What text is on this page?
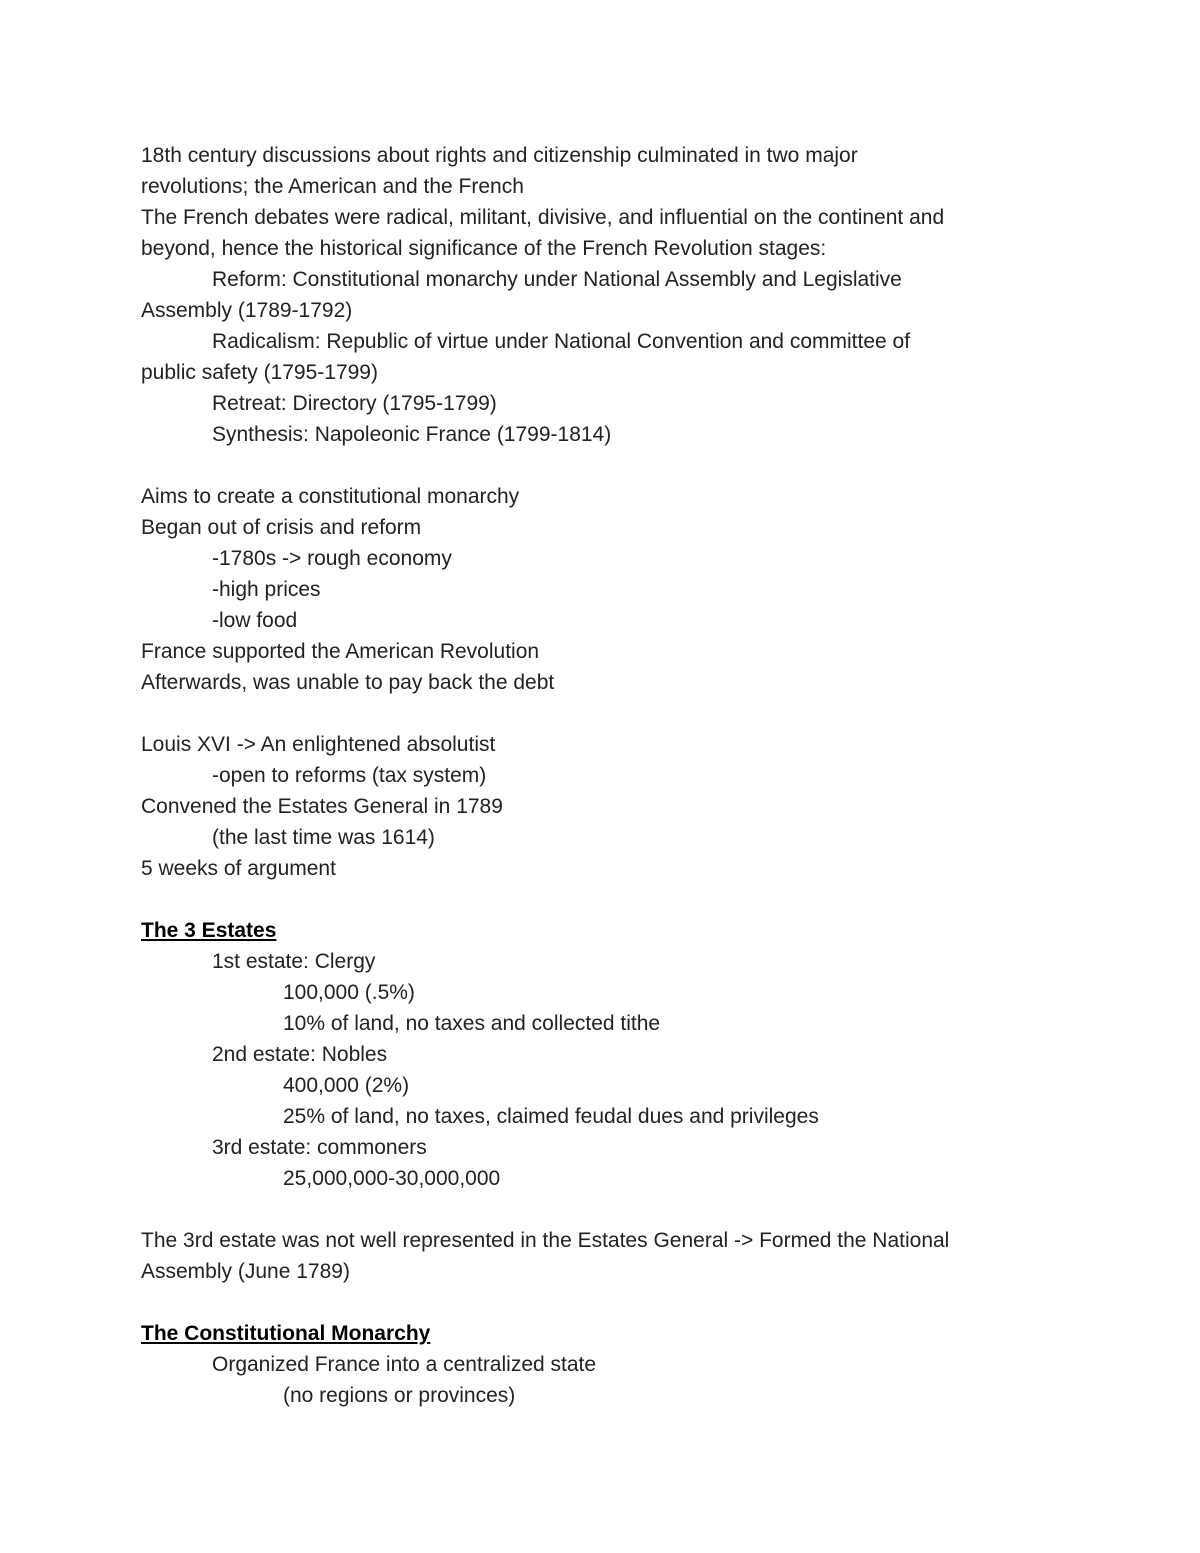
18th century discussions about rights and citizenship culminated in two major
revolutions; the American and the French
The French debates were radical, militant, divisive, and influential on the continent and
beyond, hence the historical significance of the French Revolution stages:
Reform: Constitutional monarchy under National Assembly and Legislative
Assembly (1789-1792)
Radicalism: Republic of virtue under National Convention and committee of
public safety (1795-1799)
Retreat: Directory (1795-1799)
Synthesis: Napoleonic France (1799-1814)
Aims to create a constitutional monarchy
Began out of crisis and reform
-1780s -> rough economy
-high prices
-low food
France supported the American Revolution
Afterwards, was unable to pay back the debt
Louis XVI -> An enlightened absolutist
-open to reforms (tax system)
Convened the Estates General in 1789
(the last time was 1614)
5 weeks of argument
The 3 Estates
1st estate: Clergy
100,000 (.5%)
10% of land, no taxes and collected tithe
2nd estate: Nobles
400,000 (2%)
25% of land, no taxes, claimed feudal dues and privileges
3rd estate: commoners
25,000,000-30,000,000
The 3rd estate was not well represented in the Estates General -> Formed the National
Assembly (June 1789)
The Constitutional Monarchy
Organized France into a centralized state
(no regions or provinces)
